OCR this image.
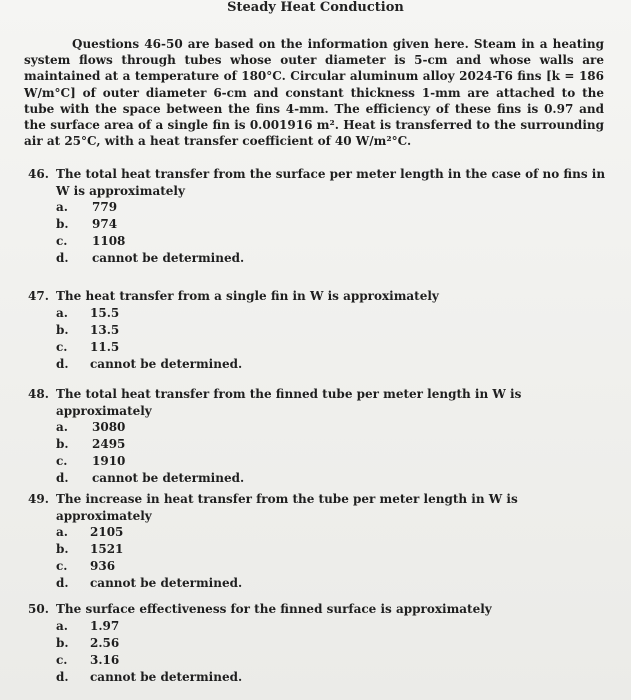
Steady Heat Conduction
Questions 46-50 are based on the information given here. Steam in a heating system flows through tubes whose outer diameter is 5-cm and whose walls are maintained at a temperature of 180°C. Circular aluminum alloy 2024-T6 fins [k = 186 W/m°C] of outer diameter 6-cm and constant thickness 1-mm are attached to the tube with the space between the fins 4-mm. The efficiency of these fins is 0.97 and the surface area of a single fin is 0.001916 m². Heat is transferred to the surrounding air at 25°C, with a heat transfer coefficient of 40 W/m²°C.
46. The total heat transfer from the surface per meter length in the case of no fins in W is approximately
a.	779
b.	974
c.	1108
d.	cannot be determined.
47. The heat transfer from a single fin in W is approximately
a.	15.5
b.	13.5
c.	11.5
d.	cannot be determined.
48. The total heat transfer from the finned tube per meter length in W is approximately
a.	3080
b.	2495
c.	1910
d.	cannot be determined.
49. The increase in heat transfer from the tube per meter length in W is approximately
a.	2105
b.	1521
c.	936
d.	cannot be determined.
50. The surface effectiveness for the finned surface is approximately
a.	1.97
b.	2.56
c.	3.16
d.	cannot be determined.
